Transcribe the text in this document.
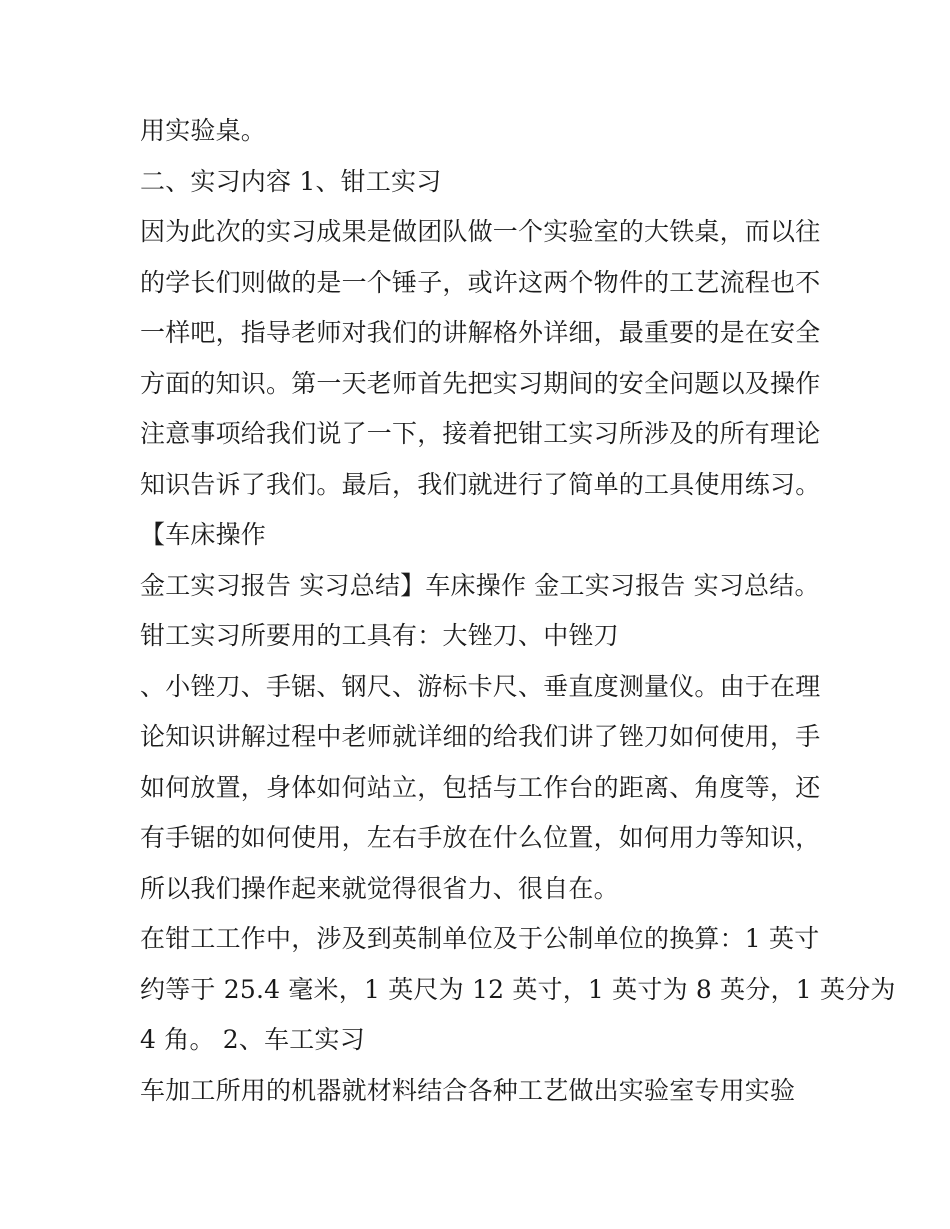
用实验桌。
二、实习内容 1、钳工实习
因为此次的实习成果是做团队做一个实验室的大铁桌，而以往
的学长们则做的是一个锤子，或许这两个物件的工艺流程也不
一样吧，指导老师对我们的讲解格外详细，最重要的是在安全
方面的知识。第一天老师首先把实习期间的安全问题以及操作
注意事项给我们说了一下，接着把钳工实习所涉及的所有理论
知识告诉了我们。最后，我们就进行了简单的工具使用练习。
【车床操作
金工实习报告 实习总结】车床操作 金工实习报告 实习总结。
钳工实习所要用的工具有：大锉刀、中锉刀
、小锉刀、手锯、钢尺、游标卡尺、垂直度测量仪。由于在理
论知识讲解过程中老师就详细的给我们讲了锉刀如何使用，手
如何放置，身体如何站立，包括与工作台的距离、角度等，还
有手锯的如何使用，左右手放在什么位置，如何用力等知识，
所以我们操作起来就觉得很省力、很自在。
在钳工工作中，涉及到英制单位及于公制单位的换算：1 英寸
约等于 25.4 毫米，1 英尺为 12 英寸，1 英寸为 8 英分，1 英分为
4 角。 2、车工实习
车加工所用的机器就材料结合各种工艺做出实验室专用实验
